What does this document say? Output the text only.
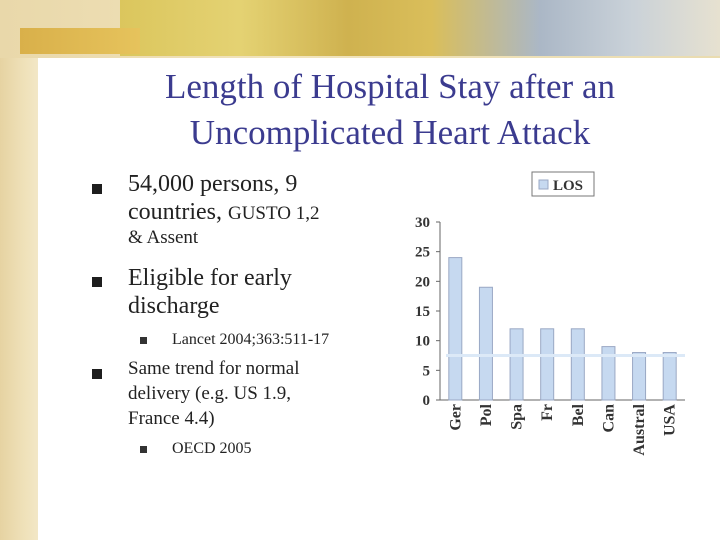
Length of Hospital Stay after an
Uncomplicated Heart Attack
54,000 persons, 9
countries, GUSTO 1,2
& Assent
Eligible for early
discharge
Lancet 2004;363:511-17
Same trend for normal
delivery (e.g. US 1.9,
France 4.4)
OECD 2005
LOS
0
5
10
15
20
25
30
Ger Pol Spa Fr Bel Can Austral USA
